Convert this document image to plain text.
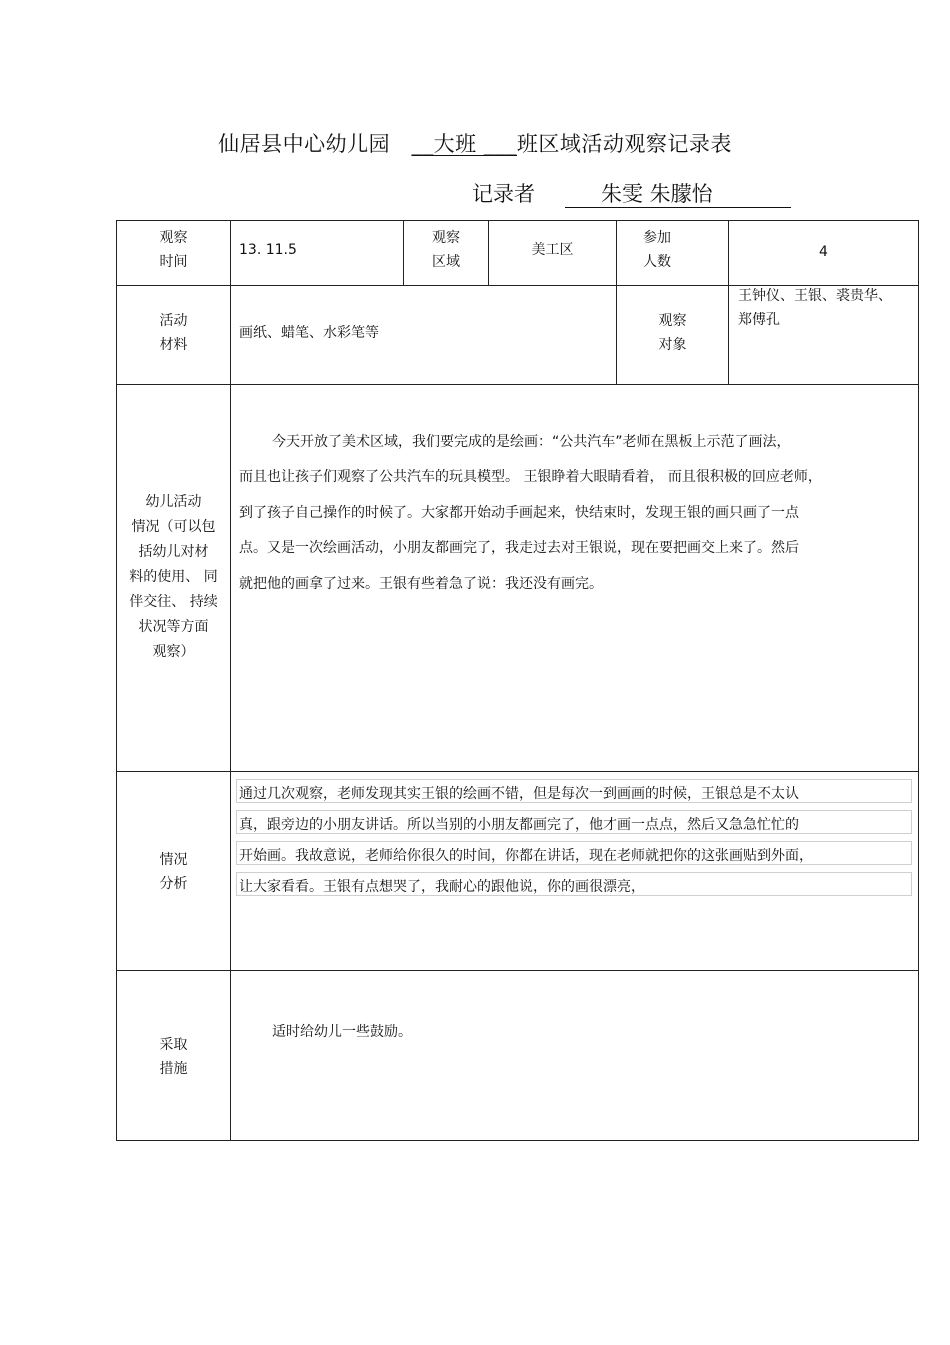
仙居县中心幼儿园 __大班 ___班区域活动观察记录表
记录者	朱雯 朱朦怡
观察
时间
13. 11.5
观察
区域
美工区
参加
人数
4
活动
材料
画纸、蜡笔、水彩笔等
观察
对象
王钟仪、王银、裘贵华、
郑傅孔
幼儿活动
情况（可以包
括幼儿对材
料的使用、 同
伴交往、 持续
状况等方面
观察）
今天开放了美术区域，我们要完成的是绘画：“公共汽车”老师在黑板上示范了画法，
而且也让孩子们观察了公共汽车的玩具模型。 王银睁着大眼睛看着， 而且很积极的回应老师，
到了孩子自己操作的时候了。大家都开始动手画起来，快结束时，发现王银的画只画了一点
点。又是一次绘画活动，小朋友都画完了，我走过去对王银说，现在要把画交上来了。然后
就把他的画拿了过来。王银有些着急了说：我还没有画完。
情况
分析
通过几次观察，老师发现其实王银的绘画不错，但是每次一到画画的时候，王银总是不太认
真，跟旁边的小朋友讲话。所以当别的小朋友都画完了，他才画一点点，然后又急急忙忙的
开始画。我故意说，老师给你很久的时间，你都在讲话，现在老师就把你的这张画贴到外面，
让大家看看。王银有点想哭了，我耐心的跟他说，你的画很漂亮，
采取
措施
适时给幼儿一些鼓励。
